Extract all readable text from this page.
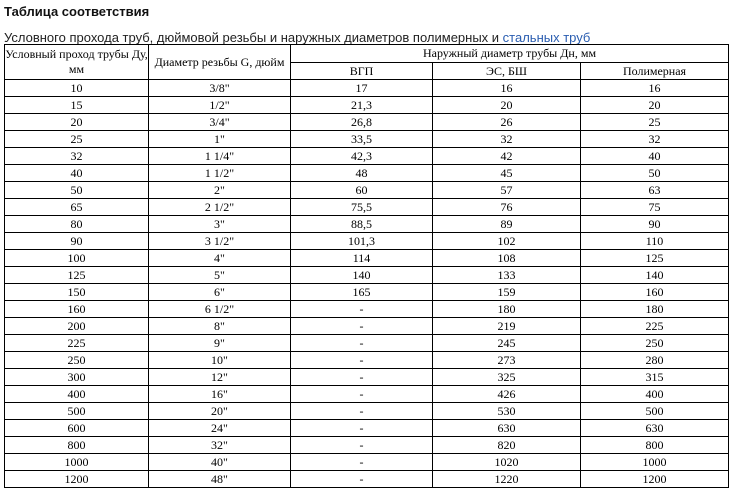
Таблица соответствия
Условного прохода труб, дюймовой резьбы и наружных диаметров полимерных и стальных труб
Условный проход трубы Ду, мм	Диаметр резьбы G, дюйм	Наружный диаметр трубы Дн, мм		
		ВГП	ЭС, БШ	Полимерная
10	3/8"	17	16	16
15	1/2"	21,3	20	20
20	3/4"	26,8	26	25
25	1"	33,5	32	32
32	1 1/4"	42,3	42	40
40	1 1/2"	48	45	50
50	2"	60	57	63
65	2 1/2"	75,5	76	75
80	3"	88,5	89	90
90	3 1/2"	101,3	102	110
100	4"	114	108	125
125	5"	140	133	140
150	6"	165	159	160
160	6 1/2"	-	180	180
200	8"	-	219	225
225	9"	-	245	250
250	10"	-	273	280
300	12"	-	325	315
400	16"	-	426	400
500	20"	-	530	500
600	24"	-	630	630
800	32"	-	820	800
1000	40"	-	1020	1000
1200	48"	-	1220	1200
